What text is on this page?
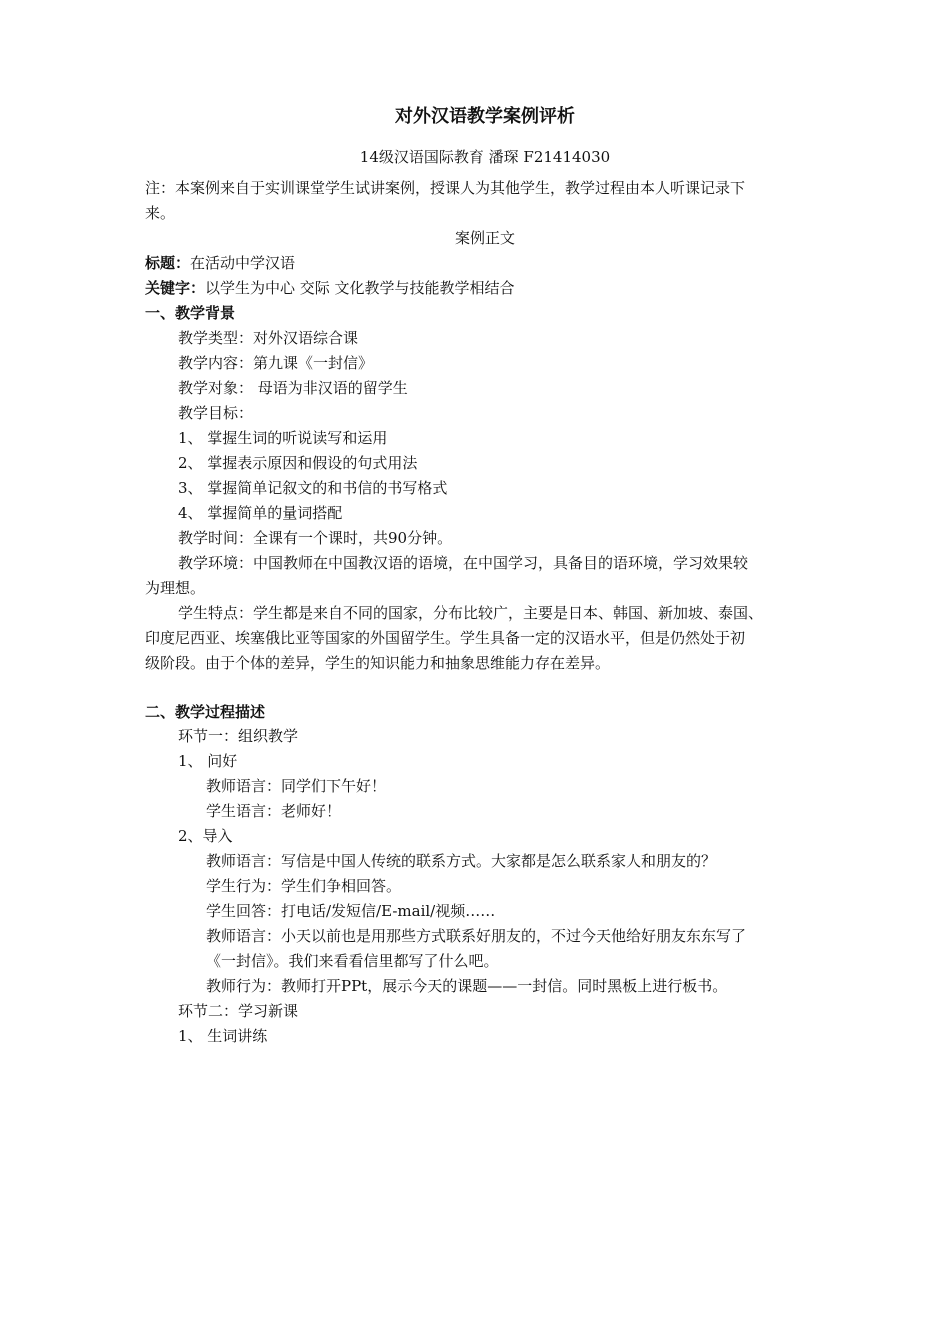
对外汉语教学案例评析
14级汉语国际教育 潘琛 F21414030
注：本案例来自于实训课堂学生试讲案例，授课人为其他学生，教学过程由本人听课记录下
来。
案例正文
标题：在活动中学汉语
关键字：以学生为中心 交际 文化教学与技能教学相结合
一、教学背景
教学类型：对外汉语综合课
教学内容：第九课《一封信》
教学对象： 母语为非汉语的留学生
教学目标：
1、 掌握生词的听说读写和运用
2、 掌握表示原因和假设的句式用法
3、 掌握简单记叙文的和书信的书写格式
4、 掌握简单的量词搭配
教学时间：全课有一个课时，共90分钟。
教学环境：中国教师在中国教汉语的语境，在中国学习，具备目的语环境，学习效果较
为理想。
学生特点：学生都是来自不同的国家，分布比较广，主要是日本、韩国、新加坡、泰国、
印度尼西亚、埃塞俄比亚等国家的外国留学生。学生具备一定的汉语水平，但是仍然处于初
级阶段。由于个体的差异，学生的知识能力和抽象思维能力存在差异。
二、教学过程描述
环节一：组织教学
1、 问好
教师语言：同学们下午好！
学生语言：老师好！
2、导入
教师语言：写信是中国人传统的联系方式。大家都是怎么联系家人和朋友的？
学生行为：学生们争相回答。
学生回答：打电话/发短信/E-mail/视频……
教师语言：小天以前也是用那些方式联系好朋友的，不过今天他给好朋友东东写了
《一封信》。我们来看看信里都写了什么吧。
教师行为：教师打开PPt，展示今天的课题——一封信。同时黑板上进行板书。
环节二：学习新课
1、 生词讲练
